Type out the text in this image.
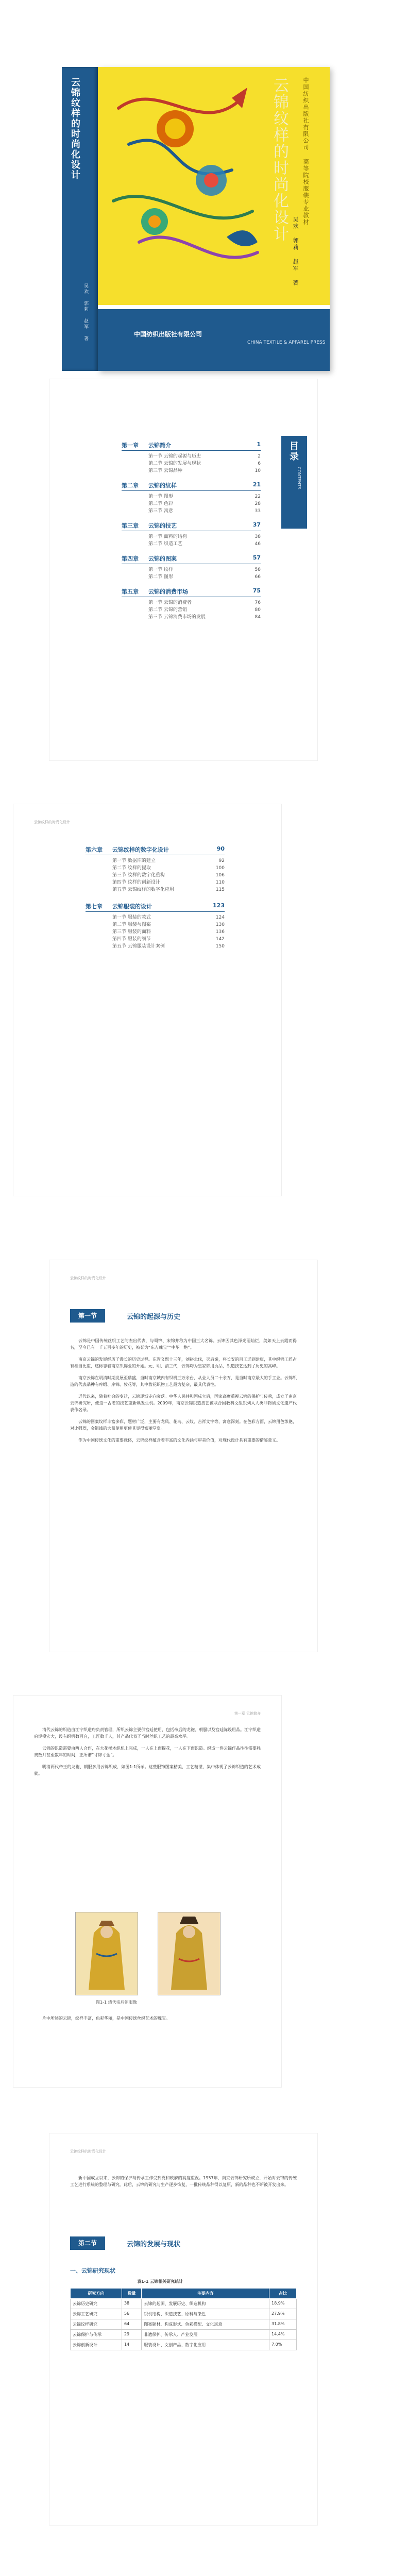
云锦纹样的时尚化设计
吴欢 郭莉 赵军 著
云锦纹样的时尚化设计	中国纺织出版社有限公司 高等院校服装专业教材
吴欢 郭莉 赵军 著
中国纺织出版社有限公司
CHINA TEXTILE & APPAREL PRESS
目录
CONTENTS
第一章	云锦简介	1
第一节 云锦的起源与历史	2
第二节 云锦的发展与现状	6
第三节 云锦品种	10
第二章	云锦的纹样	21
第一节 图形	22
第二节 色彩	28
第三节 寓意	33
第三章	云锦的技艺	37
第一节 面料的结构	38
第二节 织造工艺	46
第四章	云锦的图案	57
第一节 纹样	58
第二节 图形	66
第五章	云锦的消费市场	75
第一节 云锦的消费者	76
第二节 云锦的营销	80
第三节 云锦消费市场的发展	84
云锦纹样的时尚化设计
第六章	云锦纹样的数字化设计	90
第一节 数据库的建立	92
第二节 纹样的提取	100
第三节 纹样的数字化重构	106
第四节 纹样的创新设计	110
第五节 云锦纹样的数字化应用	115
第七章	云锦服装的设计	123
第一节 服装的款式	124
第二节 服装与图案	130
第三节 服装的面料	136
第四节 服装的细节	142
第五节 云锦服装设计案例	150
云锦纹样的时尚化设计
第一节	云锦的起源与历史
云锦是中国传统丝织工艺的杰出代表，与蜀锦、宋锦并称为中国三大名锦。云锦因其色泽光丽灿烂，美如天上云霞而得名，至今已有一千五百多年的历史，被誉为“东方瑰宝”“中华一绝”。
南京云锦的发展经历了漫长的历史过程。东晋义熙十三年，刘裕北伐，灭后秦，将长安的百工迁到建康，其中织锦工匠占有相当比重，这标志着南京织锦业的开始。元、明、清三代，云锦均为皇家御用贡品，织造技艺达到了历史的高峰。
南京云锦在明清时期发展至鼎盛，当时南京城内有织机三万余台，从业人员二十余万，是当时南京最大的手工业。云锦织造的代表品种有库缎、库锦、妆花等，其中妆花织物工艺最为复杂，最具代表性。
近代以来，随着社会的变迁，云锦逐渐走向衰落。中华人民共和国成立后，国家高度重视云锦的保护与传承，成立了南京云锦研究所，使这一古老的技艺重新焕发生机。2009年，南京云锦织造技艺被联合国教科文组织列入人类非物质文化遗产代表作名录。
云锦的图案纹样丰富多彩，题材广泛，主要有龙凤、花鸟、云纹、吉祥文字等，寓意深刻。在色彩方面，云锦用色浓艳，对比强烈，金银线的大量使用更使其显得富丽堂皇。
作为中国传统文化的重要载体，云锦纹样蕴含着丰富的文化内涵与审美价值，对现代设计具有重要的借鉴意义。
第一章 云锦简介
清代云锦的织造由江宁织造府负责管理，所织云锦主要供宫廷使用，包括帝后的龙袍、朝服以及宫廷陈设用品。江宁织造府规模宏大，设有织机数百台，工匠数千人，其产品代表了当时丝织工艺的最高水平。
云锦的织造需要由两人合作，在大花楼木织机上完成，一人在上面提花，一人在下面织造。织造一件云锦作品往往需要耗费数月甚至数年的时间，正所谓“寸锦寸金”。
明清两代帝王的龙袍、朝服多用云锦织成，如图1-1所示。这些服饰图案精美，工艺精湛，集中体现了云锦织造的艺术成就。
图1-1 清代帝后朝服像
片中所述的云锦，纹样丰富，色彩华丽，是中国传统丝织艺术的瑰宝。
云锦纹样的时尚化设计
新中国成立以来，云锦的保护与传承工作受到党和政府的高度重视。1957年，南京云锦研究所成立，开始对云锦的传统工艺进行系统的整理与研究。此后，云锦的研究与生产逐步恢复，一批传统品种得以复原，新的品种也不断被开发出来。
第二节	云锦的发展与现状
一、云锦研究现状
表1-1 云锦相关研究统计
研究方向	数量	主要内容	占比
云锦历史研究	38	云锦的起源、发展历史、织造机构	18.9%
云锦工艺研究	56	织机结构、织造技艺、原料与染色	27.9%
云锦纹样研究	64	图案题材、构成形式、色彩搭配、文化寓意	31.8%
云锦保护与传承	29	非遗保护、传承人、产业发展	14.4%
云锦创新设计	14	服装设计、文创产品、数字化应用	7.0%
